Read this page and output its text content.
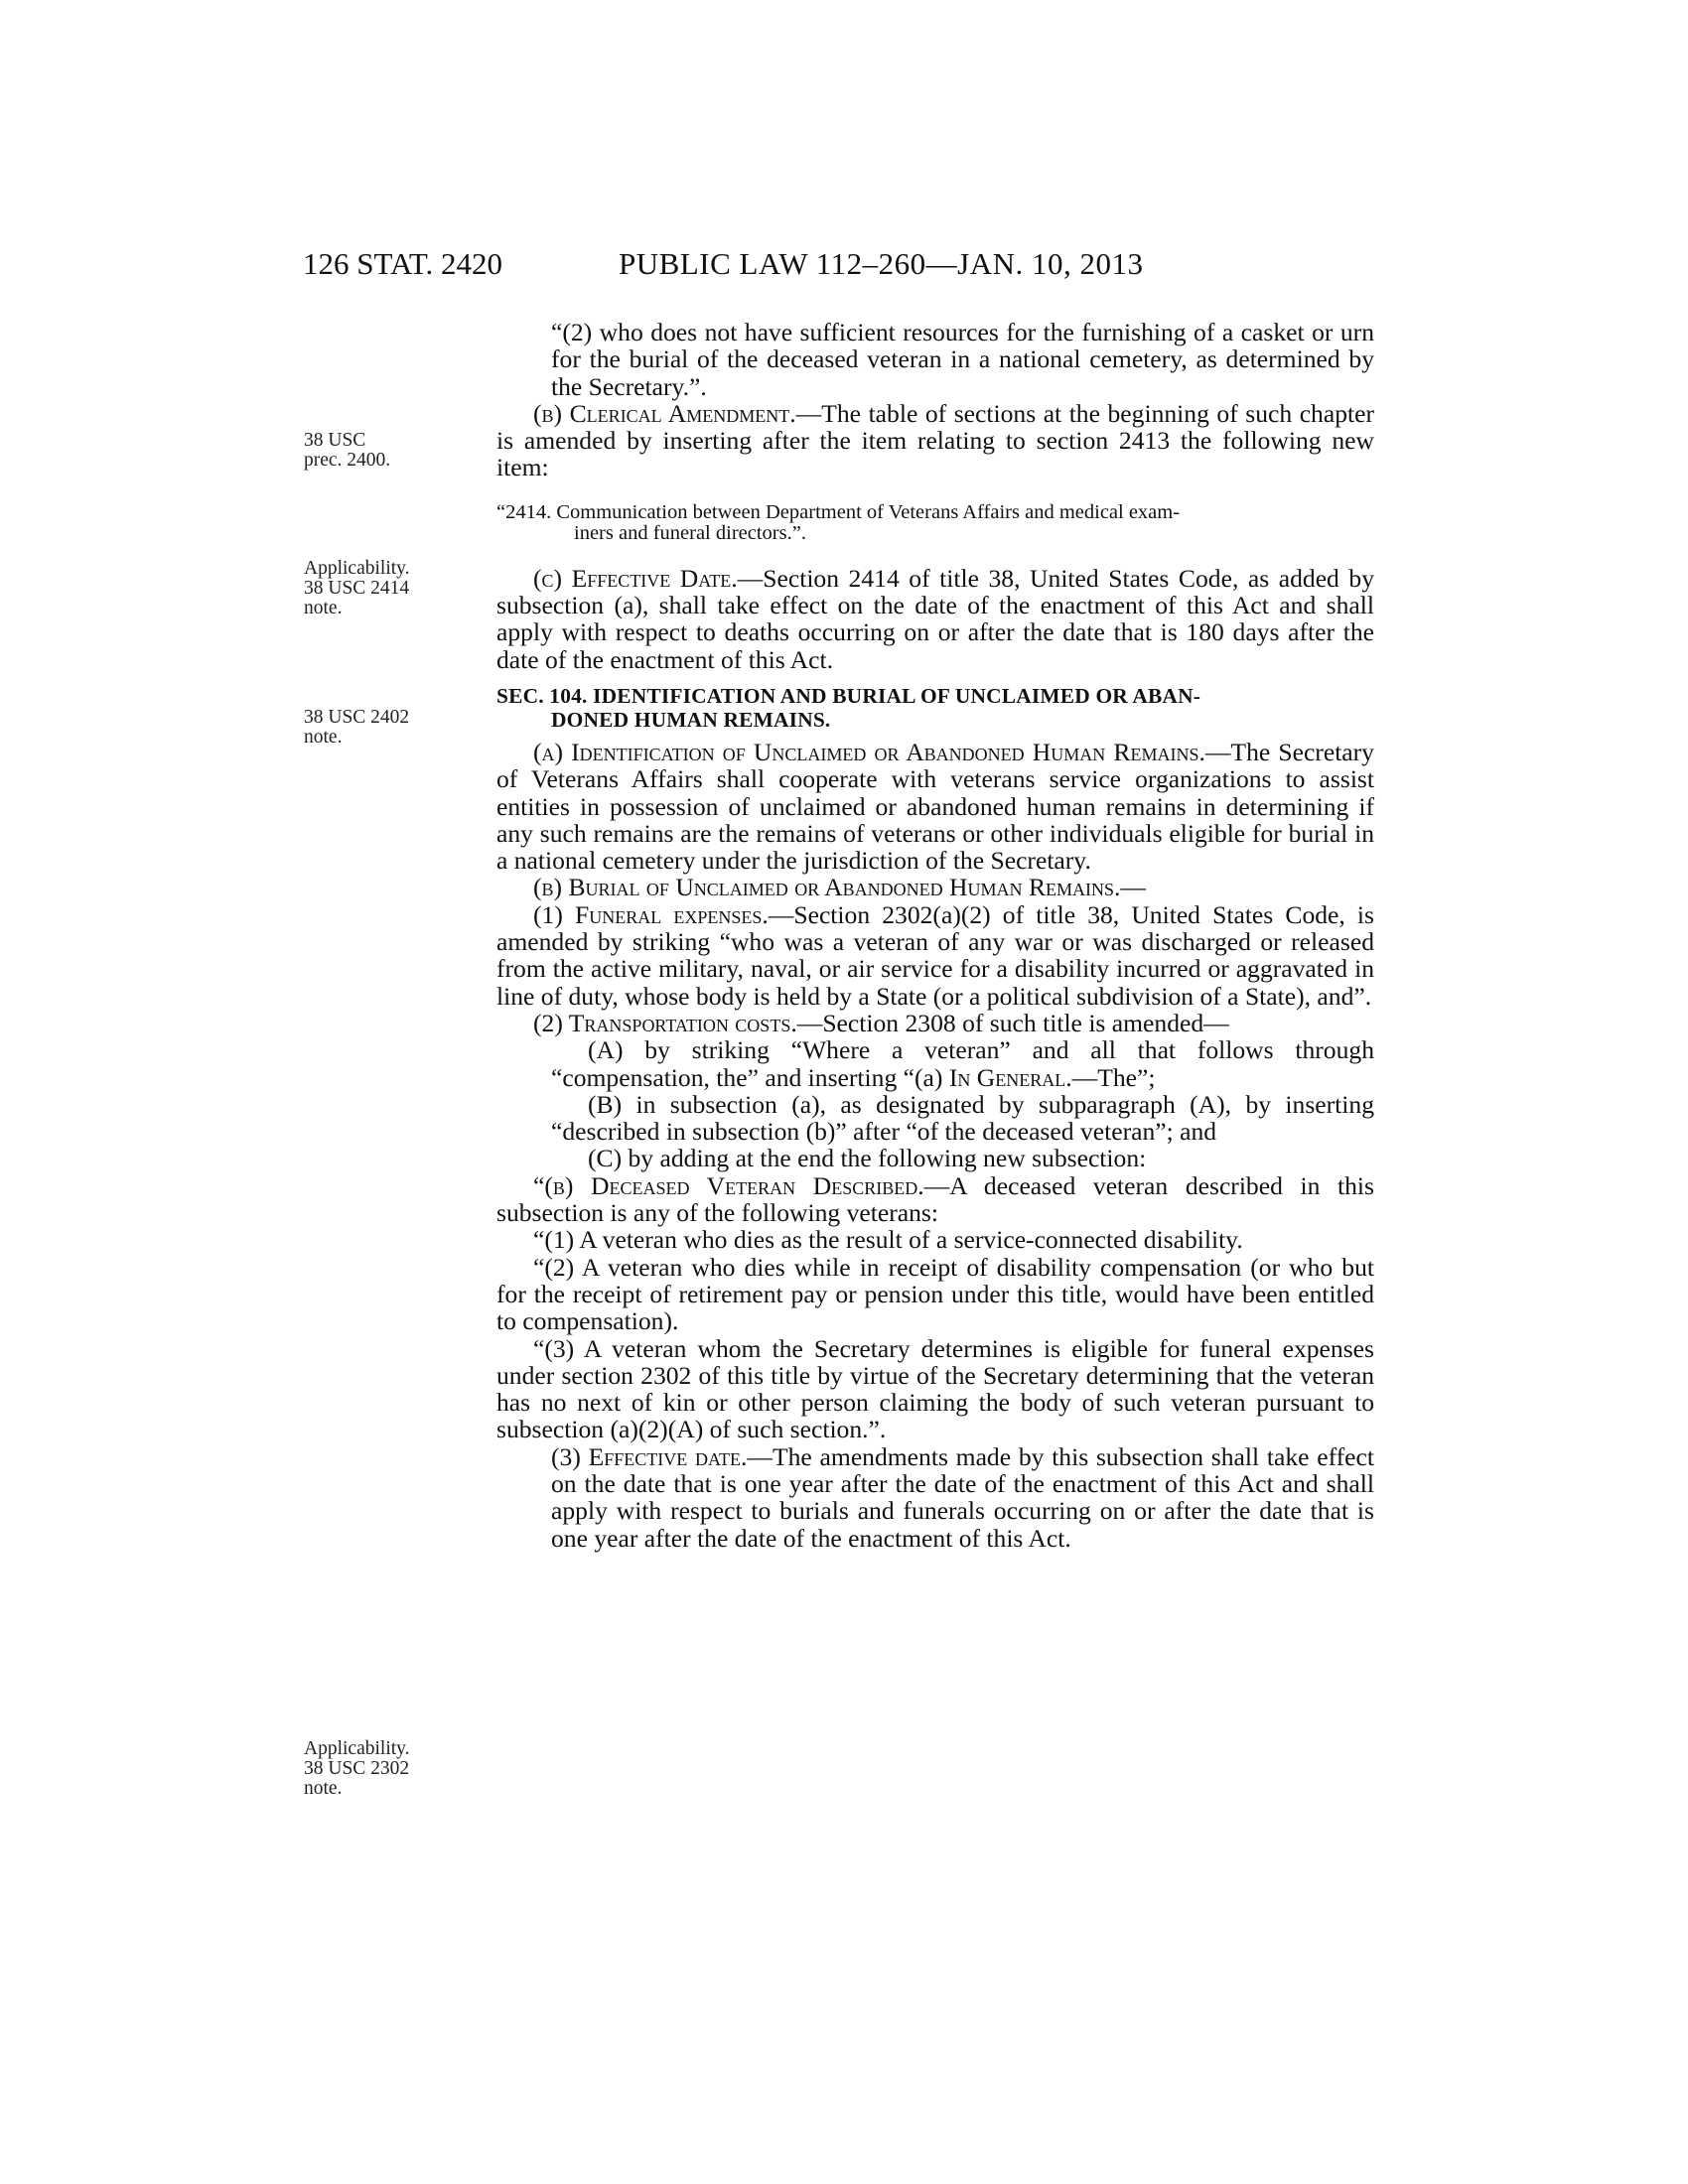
126 STAT. 2420	PUBLIC LAW 112–260—JAN. 10, 2013
38 USC
prec. 2400.
Applicability.
38 USC 2414
note.
38 USC 2402
note.
Applicability.
38 USC 2302
note.

“(2) who does not have sufficient resources for the furnishing of a casket or urn for the burial of the deceased veteran in a national cemetery, as determined by the Secretary.”.

(b) Clerical Amendment.—The table of sections at the beginning of such chapter is amended by inserting after the item relating to section 2413 the following new item:

“2414. Communication between Department of Veterans Affairs and medical exam-
iners and funeral directors.”.

(c) Effective Date.—Section 2414 of title 38, United States Code, as added by subsection (a), shall take effect on the date of the enactment of this Act and shall apply with respect to deaths occurring on or after the date that is 180 days after the date of the enactment of this Act.

SEC. 104. IDENTIFICATION AND BURIAL OF UNCLAIMED OR ABAN-
DONED HUMAN REMAINS.

(a) Identification of Unclaimed or Abandoned Human Remains.—The Secretary of Veterans Affairs shall cooperate with veterans service organizations to assist entities in possession of unclaimed or abandoned human remains in determining if any such remains are the remains of veterans or other individuals eligible for burial in a national cemetery under the jurisdiction of the Secretary.

(b) Burial of Unclaimed or Abandoned Human Remains.—

(1) Funeral expenses.—Section 2302(a)(2) of title 38, United States Code, is amended by striking “who was a veteran of any war or was discharged or released from the active military, naval, or air service for a disability incurred or aggravated in line of duty, whose body is held by a State (or a political subdivision of a State), and”.

(2) Transportation costs.—Section 2308 of such title is amended—

(A) by striking “Where a veteran” and all that follows through “compensation, the” and inserting “(a) In General.—The”;

(B) in subsection (a), as designated by subparagraph (A), by inserting “described in subsection (b)” after “of the deceased veteran”; and

(C) by adding at the end the following new subsection:

“(b) Deceased Veteran Described.—A deceased veteran described in this subsection is any of the following veterans:

“(1) A veteran who dies as the result of a service-connected disability.

“(2) A veteran who dies while in receipt of disability compensation (or who but for the receipt of retirement pay or pension under this title, would have been entitled to compensation).

“(3) A veteran whom the Secretary determines is eligible for funeral expenses under section 2302 of this title by virtue of the Secretary determining that the veteran has no next of kin or other person claiming the body of such veteran pursuant to subsection (a)(2)(A) of such section.”.

(3) Effective date.—The amendments made by this subsection shall take effect on the date that is one year after the date of the enactment of this Act and shall apply with respect to burials and funerals occurring on or after the date that is one year after the date of the enactment of this Act.
